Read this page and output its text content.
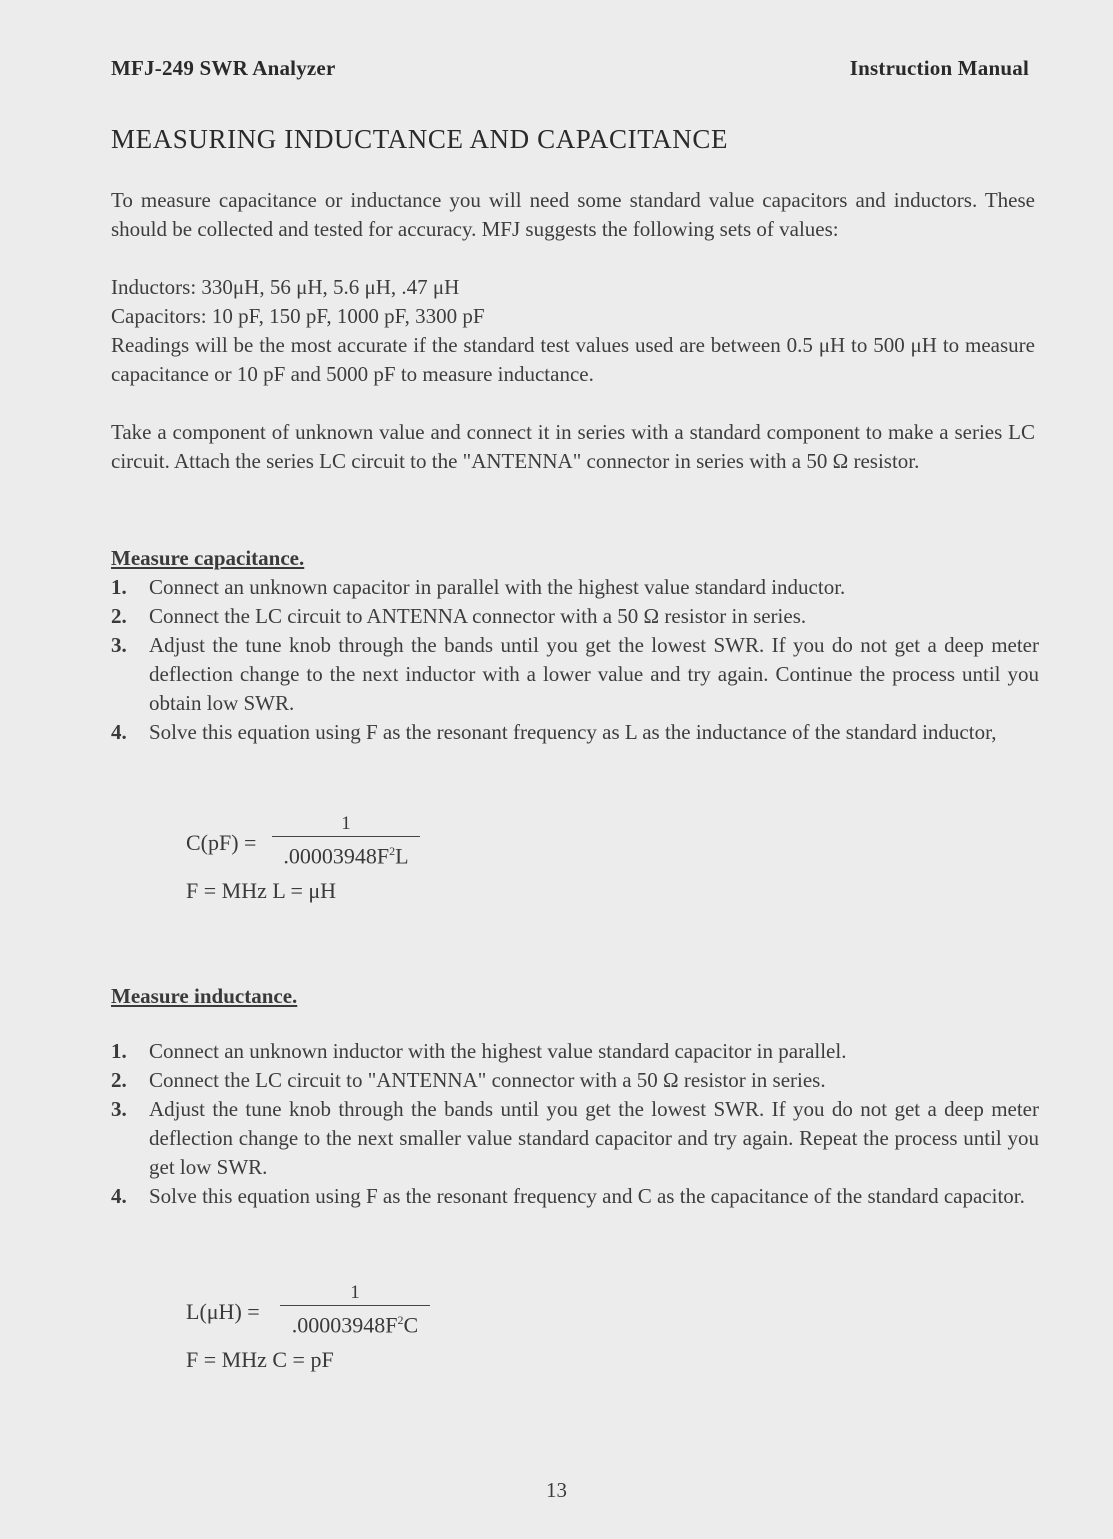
MFJ-249 SWR Analyzer	Instruction Manual
MEASURING INDUCTANCE AND CAPACITANCE

To measure capacitance or inductance you will need some standard value capacitors and inductors. These should be collected and tested for accuracy. MFJ suggests the following sets of values:

Inductors: 330μH, 56 μH, 5.6 μH, .47 μH

Capacitors: 10 pF, 150 pF, 1000 pF, 3300 pF

Readings will be the most accurate if the standard test values used are between 0.5 μH to 500 μH to measure capacitance or 10 pF and 5000 pF to measure inductance.

Take a component of unknown value and connect it in series with a standard component to make a series LC circuit. Attach the series LC circuit to the "ANTENNA" connector in series with a 50 Ω resistor.

Measure capacitance.

1. Connect an unknown capacitor in parallel with the highest value standard inductor.
2. Connect the LC circuit to ANTENNA connector with a 50 Ω resistor in series.
3. Adjust the tune knob through the bands until you get the lowest SWR. If you do not get a deep meter deflection change to the next inductor with a lower value and try again. Continue the process until you obtain low SWR.
4. Solve this equation using F as the resonant frequency as L as the inductance of the standard inductor,
C(pF) =
1
$.00003948F^2L$
F = MHz L = μH

Measure inductance.

1. Connect an unknown inductor with the highest value standard capacitor in parallel.
2. Connect the LC circuit to "ANTENNA" connector with a 50 Ω resistor in series.
3. Adjust the tune knob through the bands until you get the lowest SWR. If you do not get a deep meter deflection change to the next smaller value standard capacitor and try again. Repeat the process until you get low SWR.
4. Solve this equation using F as the resonant frequency and C as the capacitance of the standard capacitor.
L(μH) =
1
$.00003948F^2C$
F = MHz C = pF
13
